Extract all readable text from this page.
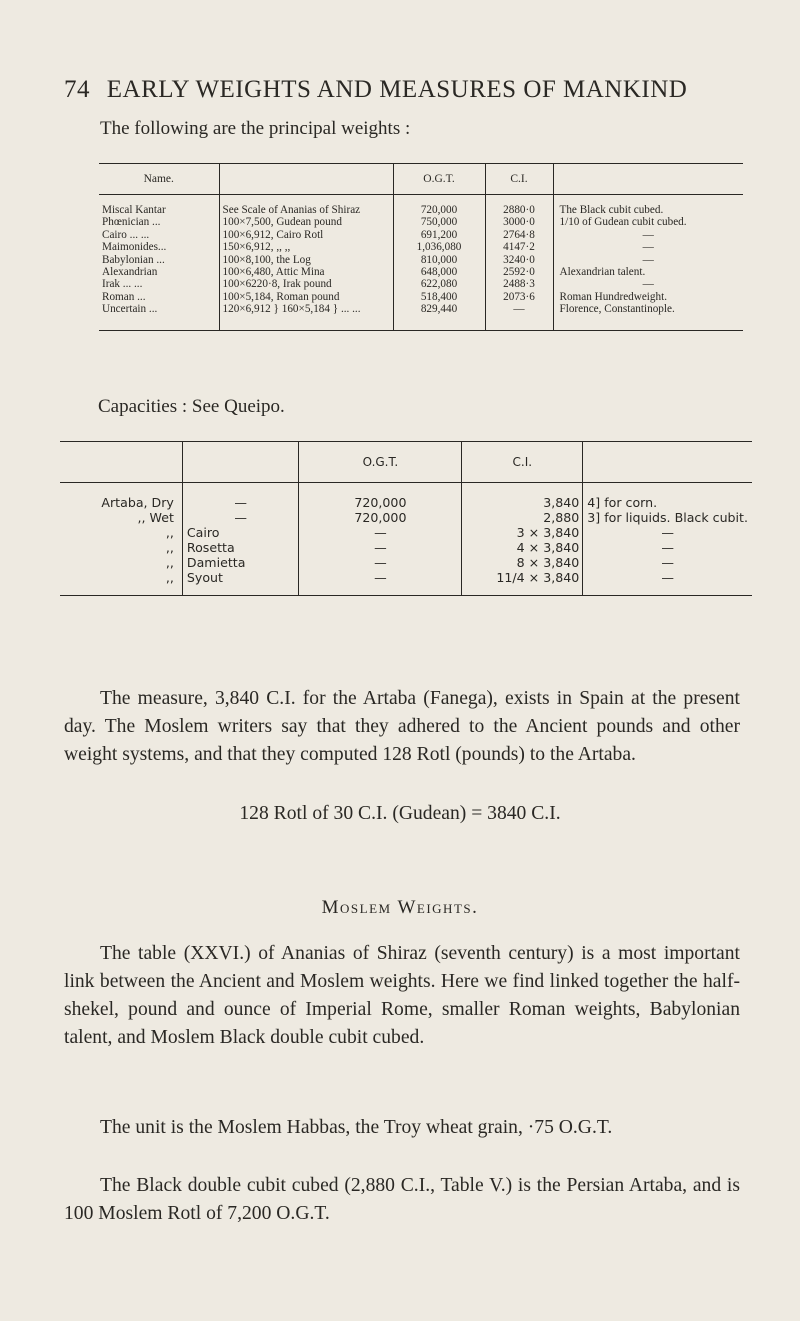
74 EARLY WEIGHTS AND MEASURES OF MANKIND
The following are the principal weights :
Name.		O.G.T.	C.I.	
Miscal Kantar	See Scale of Ananias of Shiraz	720,000	2880·0	The Black cubit cubed.
Phœnician ...	100×7,500, Gudean pound	750,000	3000·0	1/10 of Gudean cubit cubed.
Cairo ... ...	100×6,912, Cairo Rotl	691,200	2764·8	—
Maimonides...	150×6,912, ,, ,,	1,036,080	4147·2	—
Babylonian ...	100×8,100, the Log	810,000	3240·0	—
Alexandrian	100×6,480, Attic Mina	648,000	2592·0	Alexandrian talent.
Irak ... ...	100×6220·8, Irak pound	622,080	2488·3	—
Roman ...	100×5,184, Roman pound	518,400	2073·6	Roman Hundredweight.
Uncertain ...	120×6,912 } 160×5,184 } ... ...	829,440	—	Florence, Constantinople.
Capacities : See Queipo.
		O.G.T.	C.I.	
Artaba, Dry	—	720,000	3,840	4] for corn.
,, Wet	—	720,000	2,880	3] for liquids. Black cubit.
,,	Cairo	—	3 × 3,840	—
,,	Rosetta	—	4 × 3,840	—
,,	Damietta	—	8 × 3,840	—
,,	Syout	—	11/4 × 3,840	—

The measure, 3,840 C.I. for the Artaba (Fanega), exists in Spain at the present day. The Moslem writers say that they adhered to the Ancient pounds and other weight systems, and that they computed 128 Rotl (pounds) to the Artaba.

128 Rotl of 30 C.I. (Gudean) = 3840 C.I.
Moslem Weights.

The table (XXVI.) of Ananias of Shiraz (seventh century) is a most important link between the Ancient and Moslem weights. Here we find linked together the half-shekel, pound and ounce of Imperial Rome, smaller Roman weights, Babylonian talent, and Moslem Black double cubit cubed.

The unit is the Moslem Habbas, the Troy wheat grain, ·75 O.G.T.

The Black double cubit cubed (2,880 C.I., Table V.) is the Persian Artaba, and is 100 Moslem Rotl of 7,200 O.G.T.
